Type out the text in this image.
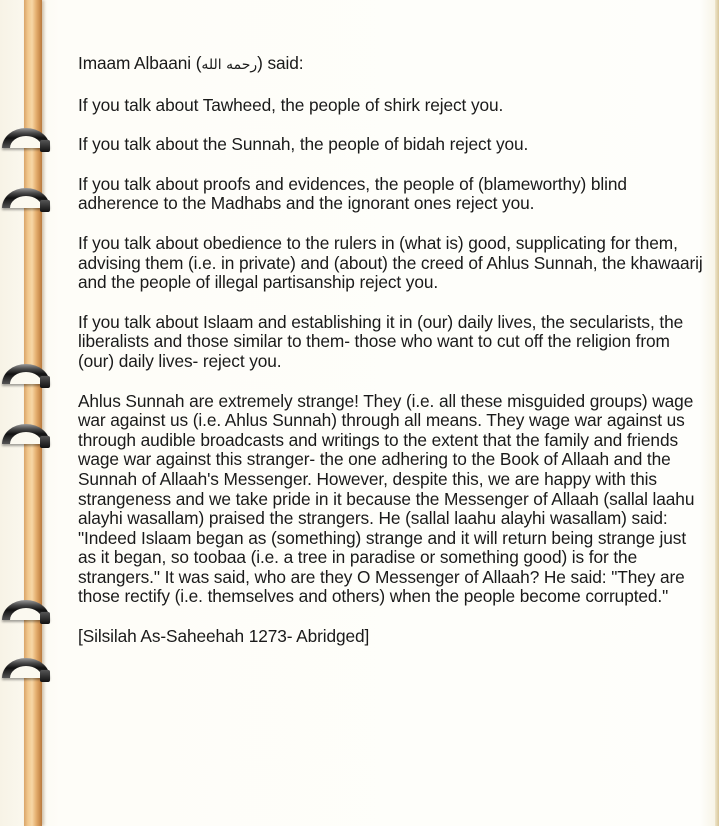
Imaam Albaani (رحمه الله) said:

If you talk about Tawheed, the people of shirk reject you.

If you talk about the Sunnah, the people of bidah reject you.

If you talk about proofs and evidences, the people of (blameworthy) blind adherence to the Madhabs and the ignorant ones reject you.

If you talk about obedience to the rulers in (what is) good, supplicating for them, advising them (i.e. in private) and (about) the creed of Ahlus Sunnah, the khawaarij and the people of illegal partisanship reject you.

If you talk about Islaam and establishing it in (our) daily lives, the secularists, the liberalists and those similar to them- those who want to cut off the religion from (our) daily lives- reject you.

Ahlus Sunnah are extremely strange! They (i.e. all these misguided groups) wage war against us (i.e. Ahlus Sunnah) through all means. They wage war against us through audible broadcasts and writings to the extent that the family and friends wage war against this stranger- the one adhering to the Book of Allaah and the Sunnah of Allaah's Messenger. However, despite this, we are happy with this strangeness and we take pride in it because the Messenger of Allaah (sallal laahu alayhi wasallam) praised the strangers. He (sallal laahu alayhi wasallam) said: "Indeed Islaam began as (something) strange and it will return being strange just as it began, so toobaa (i.e. a tree in paradise or something good) is for the strangers." It was said, who are they O Messenger of Allaah? He said: "They are those rectify (i.e. themselves and others) when the people become corrupted."

[Silsilah As-Saheehah 1273- Abridged]
